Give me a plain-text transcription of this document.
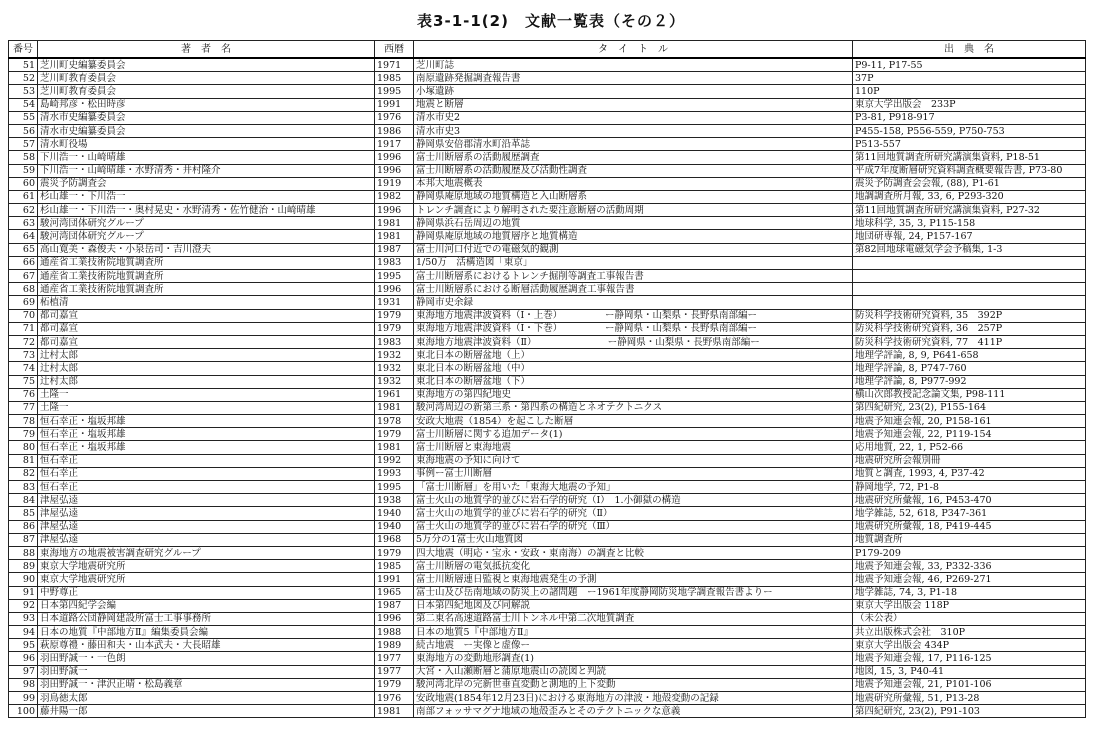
表3-1-1(2)　文献一覧表（その２）
番号	著　者　名	西暦	タ　イ　ト　ル	出　典　名
51	芝川町史編纂委員会	1971	芝川町誌	P9-11, P17-55
52	芝川町教育委員会	1985	南原遺跡発掘調査報告書	37P
53	芝川町教育委員会	1995	小塚遺跡	110P
54	島崎邦彦・松田時彦	1991	地震と断層	東京大学出版会　233P
55	清水市史編纂委員会	1976	清水市史2	P3-81, P918-917
56	清水市史編纂委員会	1986	清水市史3	P455-158, P556-559, P750-753
57	清水町役場	1917	静岡県安倍郡清水町沿革誌	P513-557
58	下川浩一・山崎晴雄	1996	富士川断層系の活動履歴調査	第11回地質調査所研究講演集資料, P18-51
59	下川浩一・山崎晴雄・水野清秀・井村隆介	1996	富士川断層系の活動履歴及び活動性調査	平成7年度断層研究資料調査概要報告書, P73-80
60	震災予防調査会	1919	本邦大地震概表	震災予防調査会会報, (88), P1-61
61	杉山雄一・下川浩一	1982	静岡県庵原地域の地質構造と入山断層系	地調調査所月報, 33, 6, P293-320
62	杉山雄一・下川浩一・奥村晃史・水野清秀・佐竹健治・山崎晴雄	1996	トレンチ調査により解明された要注意断層の活動周期	第11回地質調査所研究講演集資料, P27-32
63	駿河湾団体研究グループ	1981	静岡県浜石岳周辺の地質	地球科学, 35, 3, P115-158
64	駿河湾団体研究グループ	1981	静岡県庵原地域の地質層序と地質構造	地団研専報, 24, P157-167
65	高山寛美・森俊夫・小泉岳司・吉川澄夫	1987	富士川河口付近での電磁気的観測	第82回地球電磁気学会予稿集, 1-3
66	通産省工業技術院地質調査所	1983	1/50万　活構造図「東京」	
67	通産省工業技術院地質調査所	1995	富士川断層系におけるトレンチ掘削等調査工事報告書	
68	通産省工業技術院地質調査所	1996	富士川断層系における断層活動履歴調査工事報告書	
69	柘植清	1931	静岡市史余録	
70	都司嘉宣	1979	東海地方地震津波資料（Ⅰ・上巻）　　　　　ー静岡県・山梨県・長野県南部編ー	防災科学技術研究資料, 35　392P
71	都司嘉宣	1979	東海地方地震津波資料（Ⅰ・下巻）　　　　　ー静岡県・山梨県・長野県南部編ー	防災科学技術研究資料, 36　257P
72	都司嘉宣	1983	東海地方地震津波資料（Ⅱ）　　　　　　　　ー静岡県・山梨県・長野県南部編ー	防災科学技術研究資料, 77　411P
73	辻村太郎	1932	東北日本の断層盆地（上）	地理学評論, 8, 9, P641-658
74	辻村太郎	1932	東北日本の断層盆地（中）	地理学評論, 8, P747-760
75	辻村太郎	1932	東北日本の断層盆地（下）	地理学評論, 8, P977-992
76	土隆一	1961	東海地方の第四紀地史	槇山次郎教授記念論文集, P98-111
77	土隆一	1981	駿河湾周辺の新第三系・第四系の構造とネオテクトニクス	第四紀研究, 23(2), P155-164
78	恒石幸正・塩坂邦雄	1978	安政大地震（1854）を起こした断層	地震予知連会報, 20, P158-161
79	恒石幸正・塩坂邦雄	1979	富士川断層に関する追加データ(1)	地震予知連会報, 22, P119-154
80	恒石幸正・塩坂邦雄	1981	富士川断層と東海地震	応用地質, 22, 1, P52-66
81	恒石幸正	1992	東海地震の予知に向けて	地震研究所会報別冊
82	恒石幸正	1993	事例ー富士川断層	地質と調査, 1993, 4, P37-42
83	恒石幸正	1995	「富士川断層」を用いた「東海大地震の予知」	静岡地学, 72, P1-8
84	津屋弘逵	1938	富士火山の地質学的並びに岩石学的研究（Ⅰ）　1.小御獄の構造	地震研究所彙報, 16, P453-470
85	津屋弘逵	1940	富士火山の地質学的並びに岩石学的研究（Ⅱ）	地学雑誌, 52, 618, P347-361
86	津屋弘逵	1940	富士火山の地質学的並びに岩石学的研究（Ⅲ）	地震研究所彙報, 18, P419-445
87	津屋弘逵	1968	5万分の1富士火山地質図	地質調査所
88	東海地方の地震被害調査研究グループ	1979	四大地震（明応・宝永・安政・東南海）の調査と比較	P179-209
89	東京大学地震研究所	1985	富士川断層の電気抵抗変化	地震予知連会報, 33, P332-336
90	東京大学地震研究所	1991	富士川断層連日監視と東海地震発生の予測	地震予知連会報, 46, P269-271
91	中野尊正	1965	富士山及び岳南地域の防災上の諸問題　ー1961年度静岡防災地学調査報告書よりー	地学雑誌, 74, 3, P1-18
92	日本第四紀学会編	1987	日本第四紀地図及び同解説	東京大学出版会 118P
93	日本道路公団静岡建設所富士工事事務所	1996	第二東名高速道路富士川トンネル中第二次地質調査	（未公表）
94	日本の地質『中部地方Ⅱ』編集委員会編	1988	日本の地質5『中部地方Ⅱ』	共立出版株式会社　310P
95	萩原尊禮・藤田和夫・山本武夫・大長昭雄	1989	続古地震　ー実像と虚像ー	東京大学出版会 434P
96	羽田野誠一・一色朗	1977	東海地方の変動地形調査(1)	地震予知連会報, 17, P116-125
97	羽田野誠一	1977	大宮・入山瀬断層と蒲原地震山の読図と判読	地図, 15, 3, P40-41
98	羽田野誠一・津沢正晴・松島義章	1979	駿河湾北岸の完新世垂直変動と測地的上下変動	地震予知連会報, 21, P101-106
99	羽鳥徳太郎	1976	安政地震(1854年12月23日)における東海地方の津波・地殻変動の記録	地震研究所彙報, 51, P13-28
100	藤井陽一郎	1981	南部フォッサマグナ地域の地殻歪みとそのテクトニックな意義	第四紀研究, 23(2), P91-103
